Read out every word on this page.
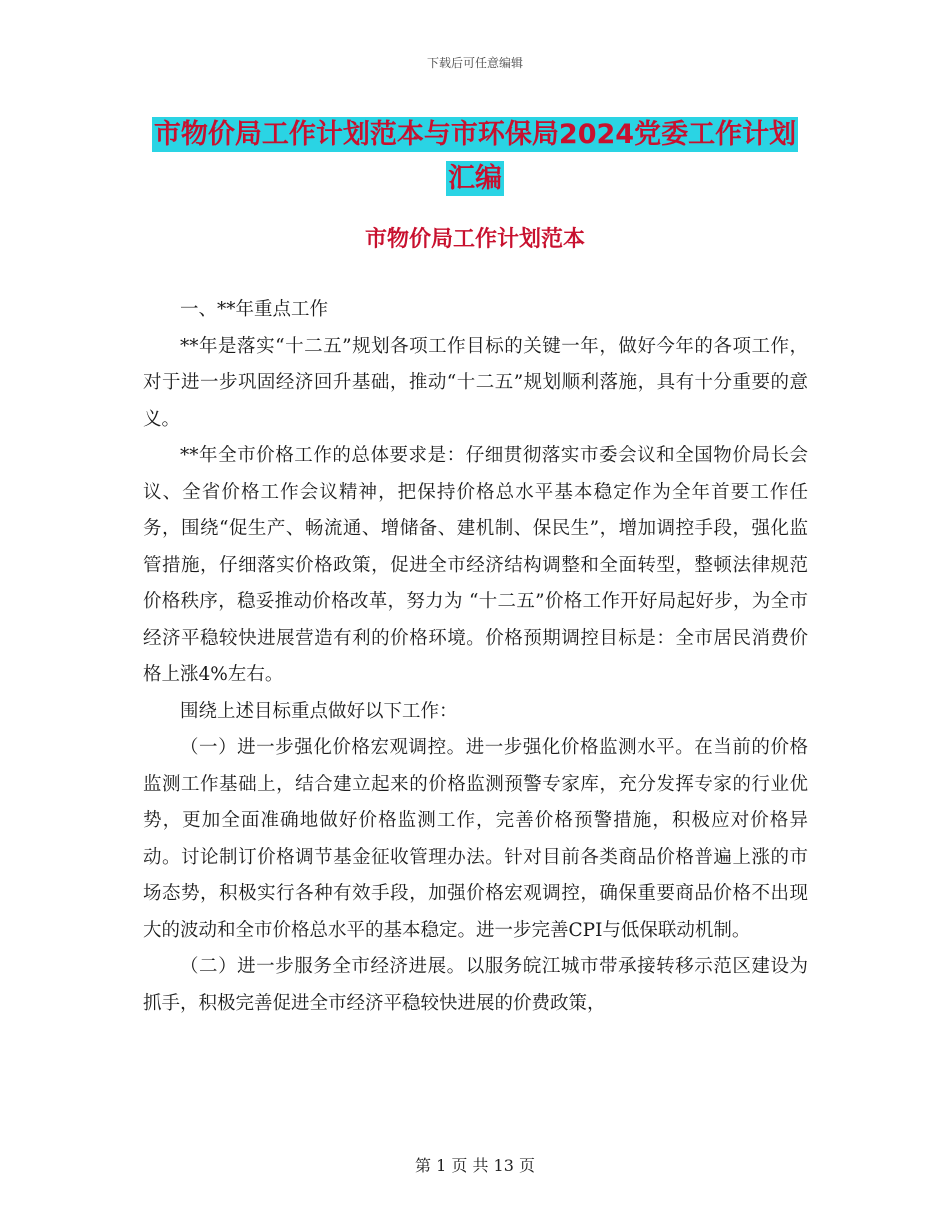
下载后可任意编辑
市物价局工作计划范本与市环保局2024党委工作计划
汇编
市物价局工作计划范本

一、**年重点工作

**年是落实“十二五”规划各项工作目标的关键一年，做好今年的各项工作，对于进一步巩固经济回升基础，推动“十二五”规划顺利落施，具有十分重要的意义。

**年全市价格工作的总体要求是：仔细贯彻落实市委会议和全国物价局长会议、全省价格工作会议精神，把保持价格总水平基本稳定作为全年首要工作任务，围绕“促生产、畅流通、增储备、建机制、保民生”，增加调控手段，强化监管措施，仔细落实价格政策，促进全市经济结构调整和全面转型，整顿法律规范价格秩序，稳妥推动价格改革，努力为 “十二五”价格工作开好局起好步，为全市经济平稳较快进展营造有利的价格环境。价格预期调控目标是：全市居民消费价格上涨4%左右。

围绕上述目标重点做好以下工作：

（一）进一步强化价格宏观调控。进一步强化价格监测水平。在当前的价格监测工作基础上，结合建立起来的价格监测预警专家库，充分发挥专家的行业优势，更加全面准确地做好价格监测工作，完善价格预警措施，积极应对价格异动。讨论制订价格调节基金征收管理办法。针对目前各类商品价格普遍上涨的市场态势，积极实行各种有效手段，加强价格宏观调控，确保重要商品价格不出现大的波动和全市价格总水平的基本稳定。进一步完善CPI与低保联动机制。

（二）进一步服务全市经济进展。以服务皖江城市带承接转移示范区建设为抓手，积极完善促进全市经济平稳较快进展的价费政策，

第 1 页 共 13 页
